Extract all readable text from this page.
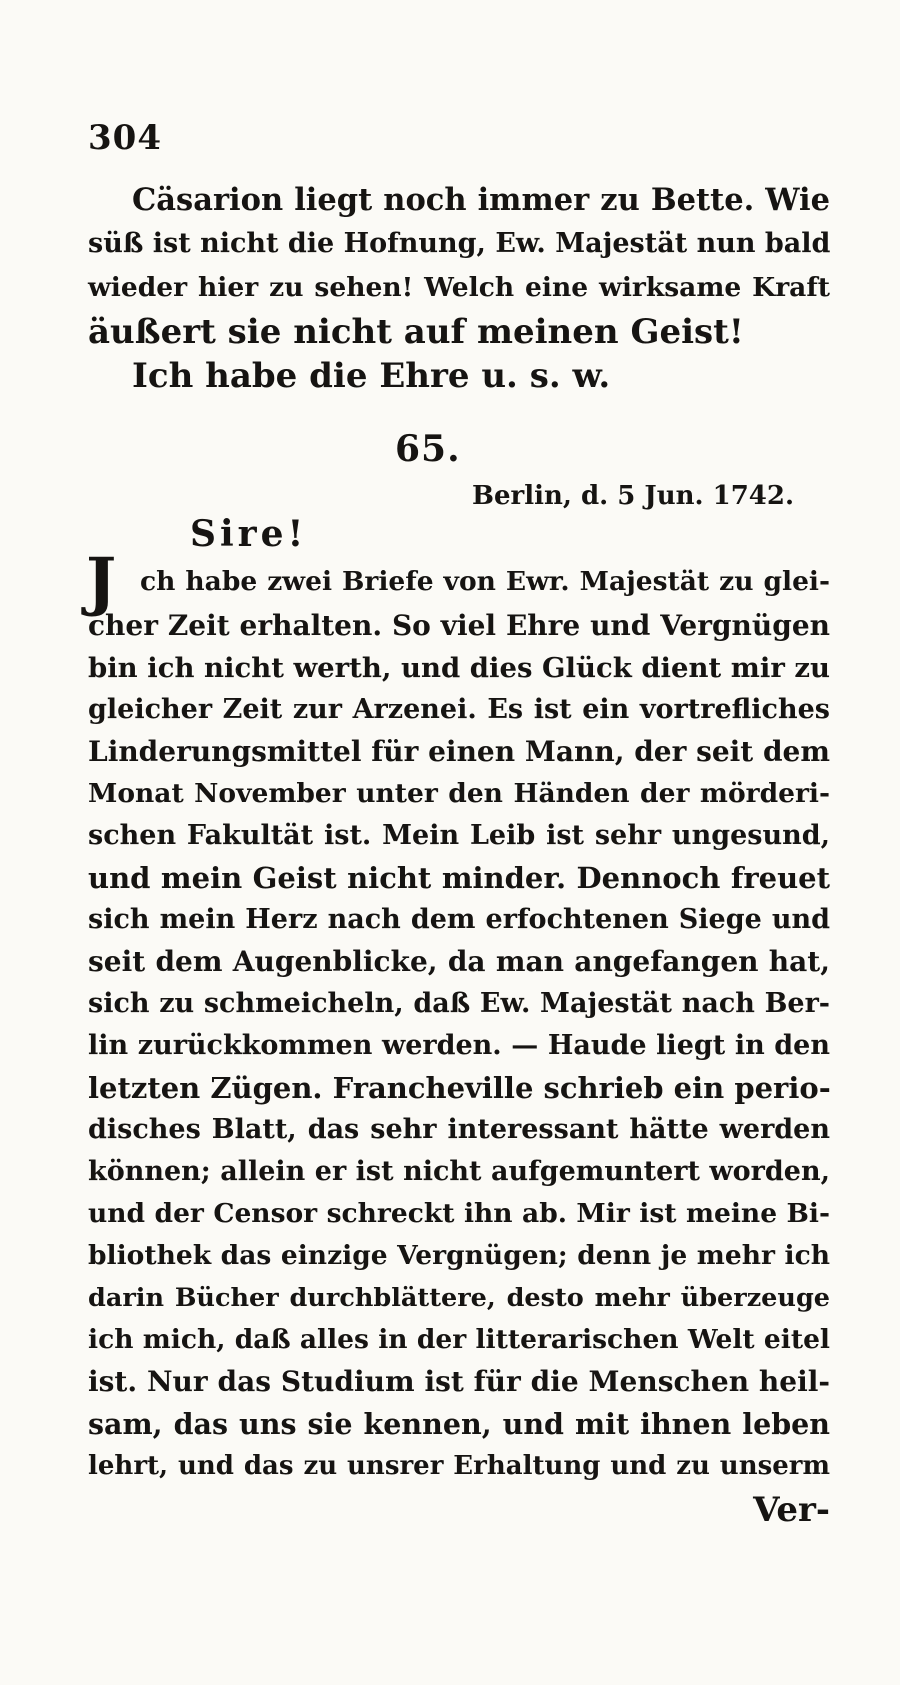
304
Cäsarion liegt noch immer zu Bette. Wie
süß ist nicht die Hofnung, Ew. Majestät nun bald
wieder hier zu sehen! Welch eine wirksame Kraft
äußert sie nicht auf meinen Geist!
Ich habe die Ehre u. s. w.
65.
Berlin, d. 5 Jun. 1742.
Sire!
J ch habe zwei Briefe von Ewr. Majestät zu glei-
cher Zeit erhalten. So viel Ehre und Vergnügen
bin ich nicht werth, und dies Glück dient mir zu
gleicher Zeit zur Arzenei. Es ist ein vortrefliches
Linderungsmittel für einen Mann, der seit dem
Monat November unter den Händen der mörderi-
schen Fakultät ist. Mein Leib ist sehr ungesund,
und mein Geist nicht minder. Dennoch freuet
sich mein Herz nach dem erfochtenen Siege und
seit dem Augenblicke, da man angefangen hat,
sich zu schmeicheln, daß Ew. Majestät nach Ber-
lin zurückkommen werden. — Haude liegt in den
letzten Zügen. Francheville schrieb ein perio-
disches Blatt, das sehr interessant hätte werden
können; allein er ist nicht aufgemuntert worden,
und der Censor schreckt ihn ab. Mir ist meine Bi-
bliothek das einzige Vergnügen; denn je mehr ich
darin Bücher durchblättere, desto mehr überzeuge
ich mich, daß alles in der litterarischen Welt eitel
ist. Nur das Studium ist für die Menschen heil-
sam, das uns sie kennen, und mit ihnen leben
lehrt, und das zu unsrer Erhaltung und zu unserm
Ver-
